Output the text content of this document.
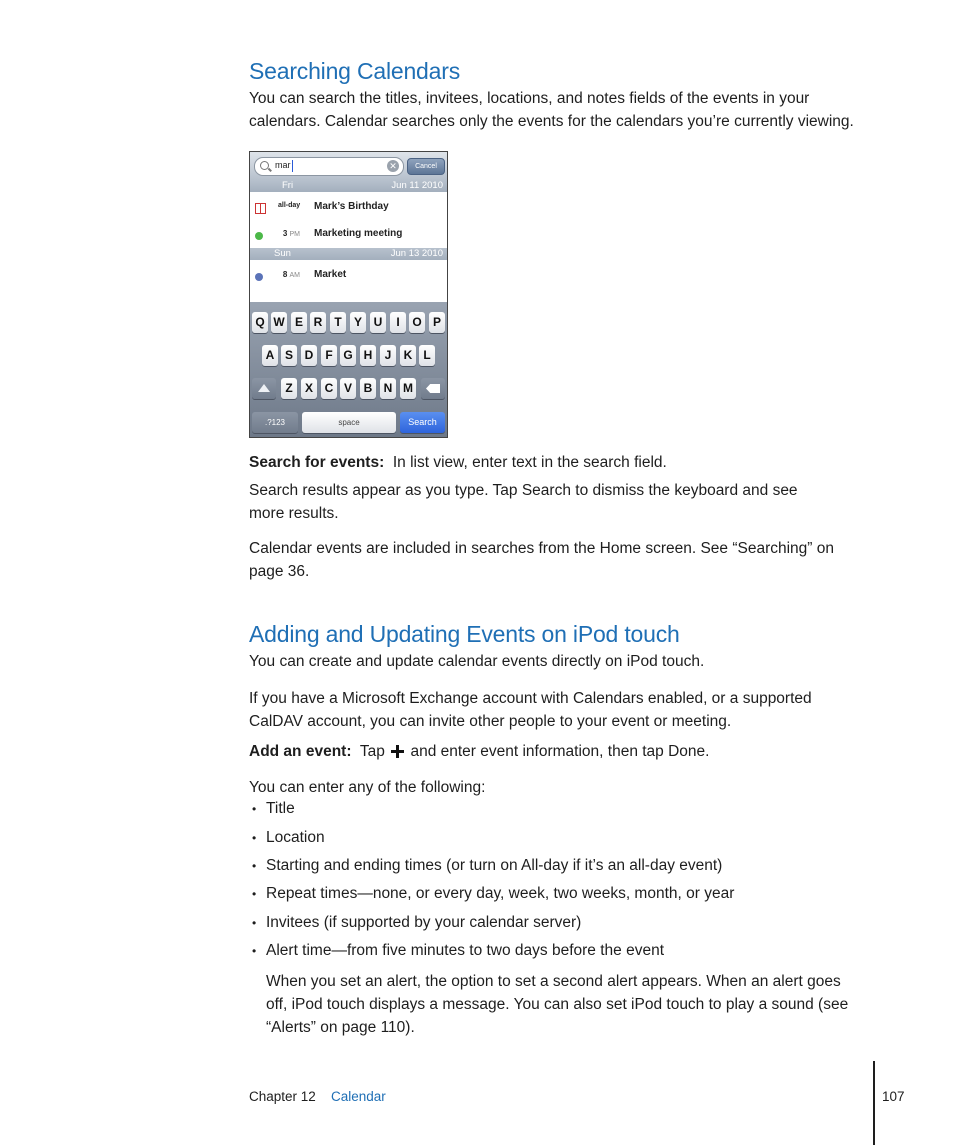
Searching Calendars

You can search the titles, invitees, locations, and notes fields of the events in your

calendars. Calendar searches only the events for the calendars you’re currently viewing.

mar	✕	Cancel
Fri	Jun 11 2010
all-day	Mark’s Birthday
3 PM Marketing meeting
Sun	Jun 13 2010
8 AM Market
Q W E R	T	Y U	I	O P
A S D	F G H	J	K L
Z	X C V B N M
.?123	space	Search

Search for events: In list view, enter text in the search field.

Search results appear as you type. Tap Search to dismiss the keyboard and see

more results.

Calendar events are included in searches from the Home screen. See “Searching” on

page 36.

Adding and Updating Events on iPod touch

You can create and update calendar events directly on iPod touch.

If you have a Microsoft Exchange account with Calendars enabled, or a supported

CalDAV account, you can invite other people to your event or meeting.

Add an event: Tap and enter event information, then tap Done.

You can enter any of the following:

• Title
• Location
• Starting and ending times (or turn on All-day if it’s an all-day event)
• Repeat times—none, or every day, week, two weeks, month, or year
• Invitees (if supported by your calendar server)
• Alert time—from five minutes to two days before the event

When you set an alert, the option to set a second alert appears. When an alert goes

off, iPod touch displays a message. You can also set iPod touch to play a sound (see

“Alerts” on page 110).

Chapter 12 Calendar	107
